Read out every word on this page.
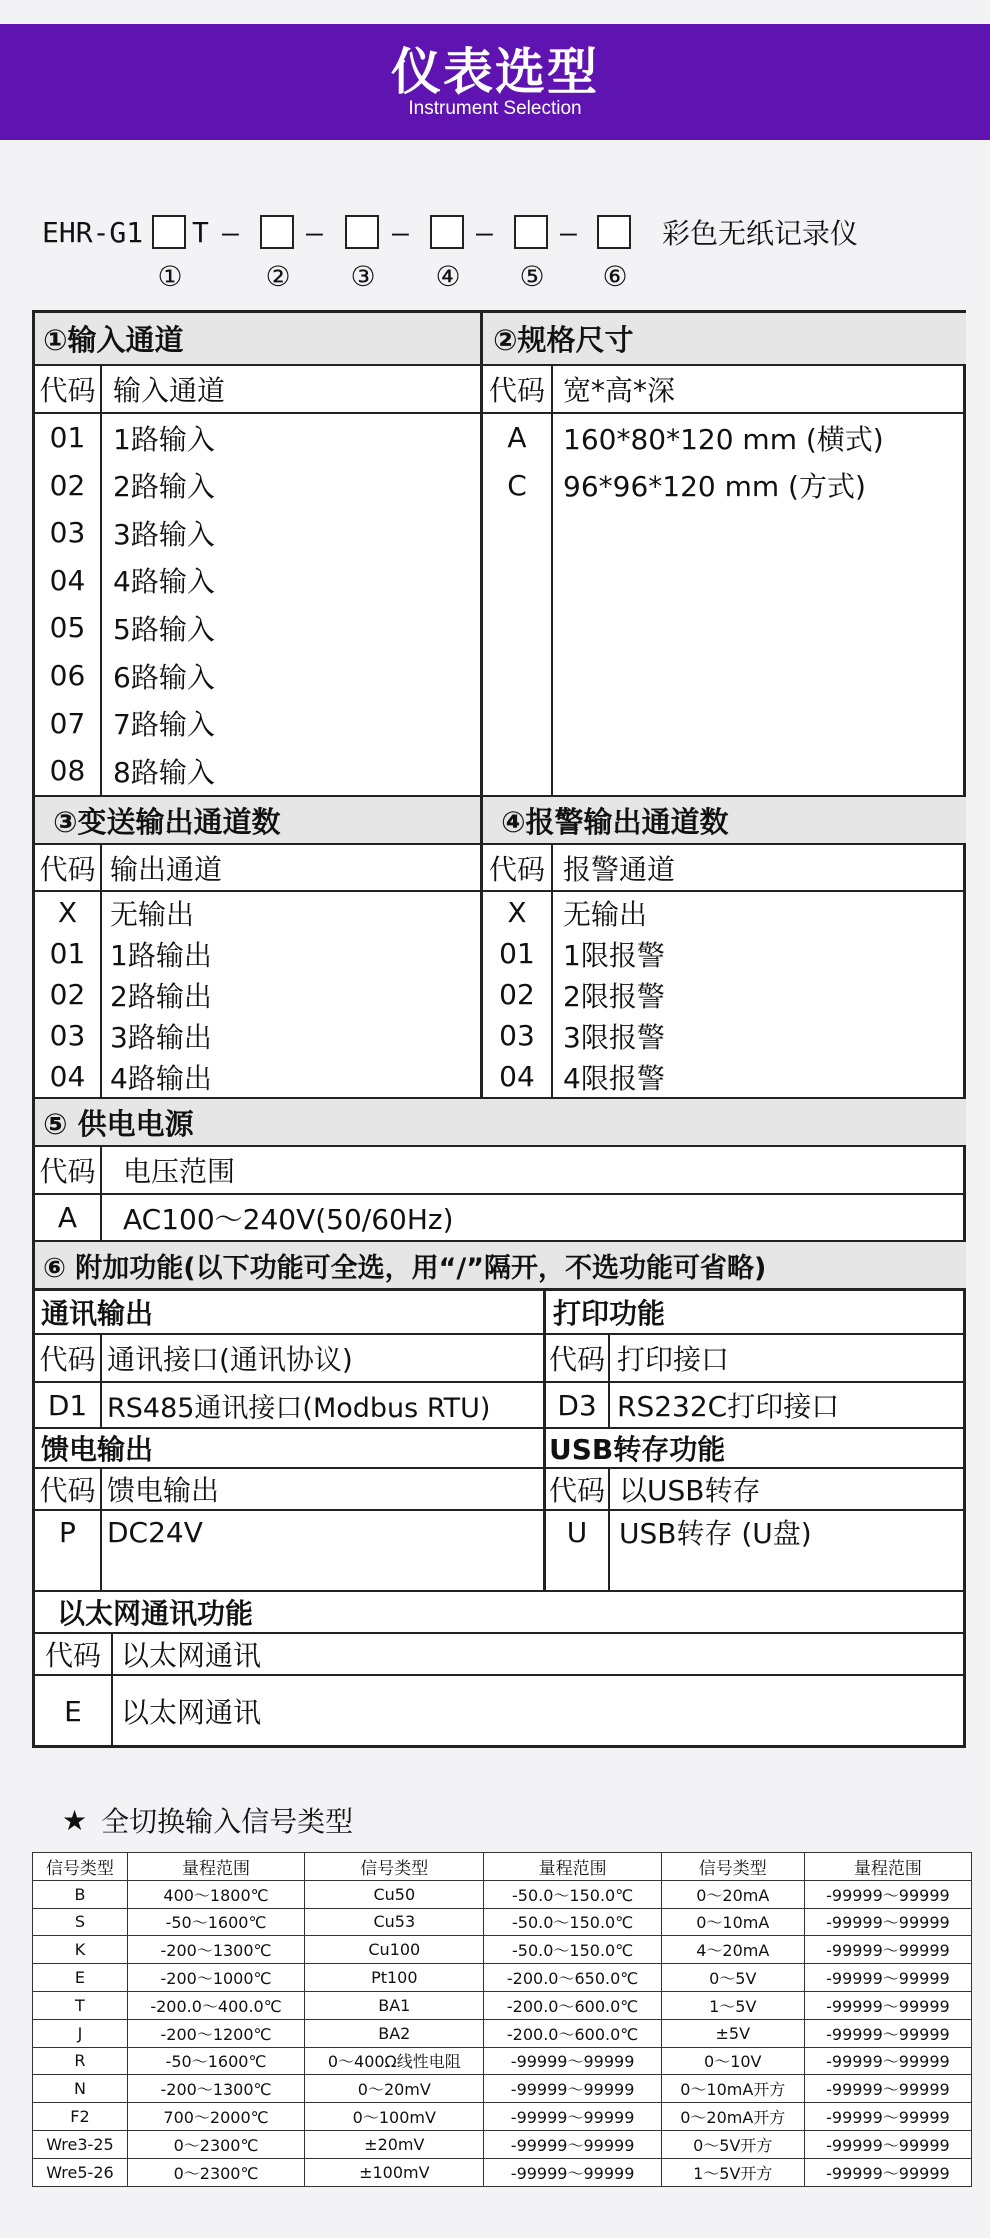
仪表选型
Instrument Selection
EHR-G1 T – – – – –	彩色无纸记录仪
①	② ③ ④ ⑤ ⑥
①输入通道	②规格尺寸
代码 输入通道	代码 宽*高*深
③变送输出通道数	④报警输出通道数
代码 输出通道	代码 报警通道
⑤ 供电电源
代码 电压范围
A	AC100～240V(50/60Hz)
⑥ 附加功能(以下功能可全选，用“/”隔开，不选功能可省略)
通讯输出	打印功能
代码 通讯接口(通讯协议)	代码 打印接口
D1 RS485通讯接口(Modbus RTU)	D3 RS232C打印接口
馈电输出	USB转存功能
代码 馈电输出	代码 以USB转存
P	DC24V	U	USB转存 (U盘)
以太网通讯功能
代码 以太网通讯
E	以太网通讯
01 1路输入
02 2路输入
03 3路输入
04 4路输入
05 5路输入
06 6路输入
07 7路输入
08 8路输入
A	160*80*120 mm (横式)
C	96*96*120 mm (方式)
X	无输出
01 1路输出
02 2路输出
03 3路输出
04 4路输出
X	无输出
01	1限报警
02	2限报警
03	3限报警
04	4限报警
★ 全切换输入信号类型
信号类型	量程范围	信号类型	量程范围	信号类型	量程范围
B	400～1800℃	Cu50	-50.0～150.0℃	0～20mA	-99999～99999
S	-50～1600℃	Cu53	-50.0～150.0℃	0～10mA	-99999～99999
K	-200～1300℃	Cu100	-50.0～150.0℃	4～20mA	-99999～99999
E	-200～1000℃	Pt100	-200.0～650.0℃	0～5V	-99999～99999
T	-200.0～400.0℃	BA1	-200.0～600.0℃	1～5V	-99999～99999
J	-200～1200℃	BA2	-200.0～600.0℃	±5V	-99999～99999
R	-50～1600℃	0～400Ω线性电阻	-99999～99999	0～10V	-99999～99999
N	-200～1300℃	0～20mV	-99999～99999	0～10mA开方	-99999～99999
F2	700～2000℃	0～100mV	-99999～99999	0～20mA开方	-99999～99999
Wre3-25	0～2300℃	±20mV	-99999～99999	0～5V开方	-99999～99999
Wre5-26	0～2300℃	±100mV	-99999～99999	1～5V开方	-99999～99999
